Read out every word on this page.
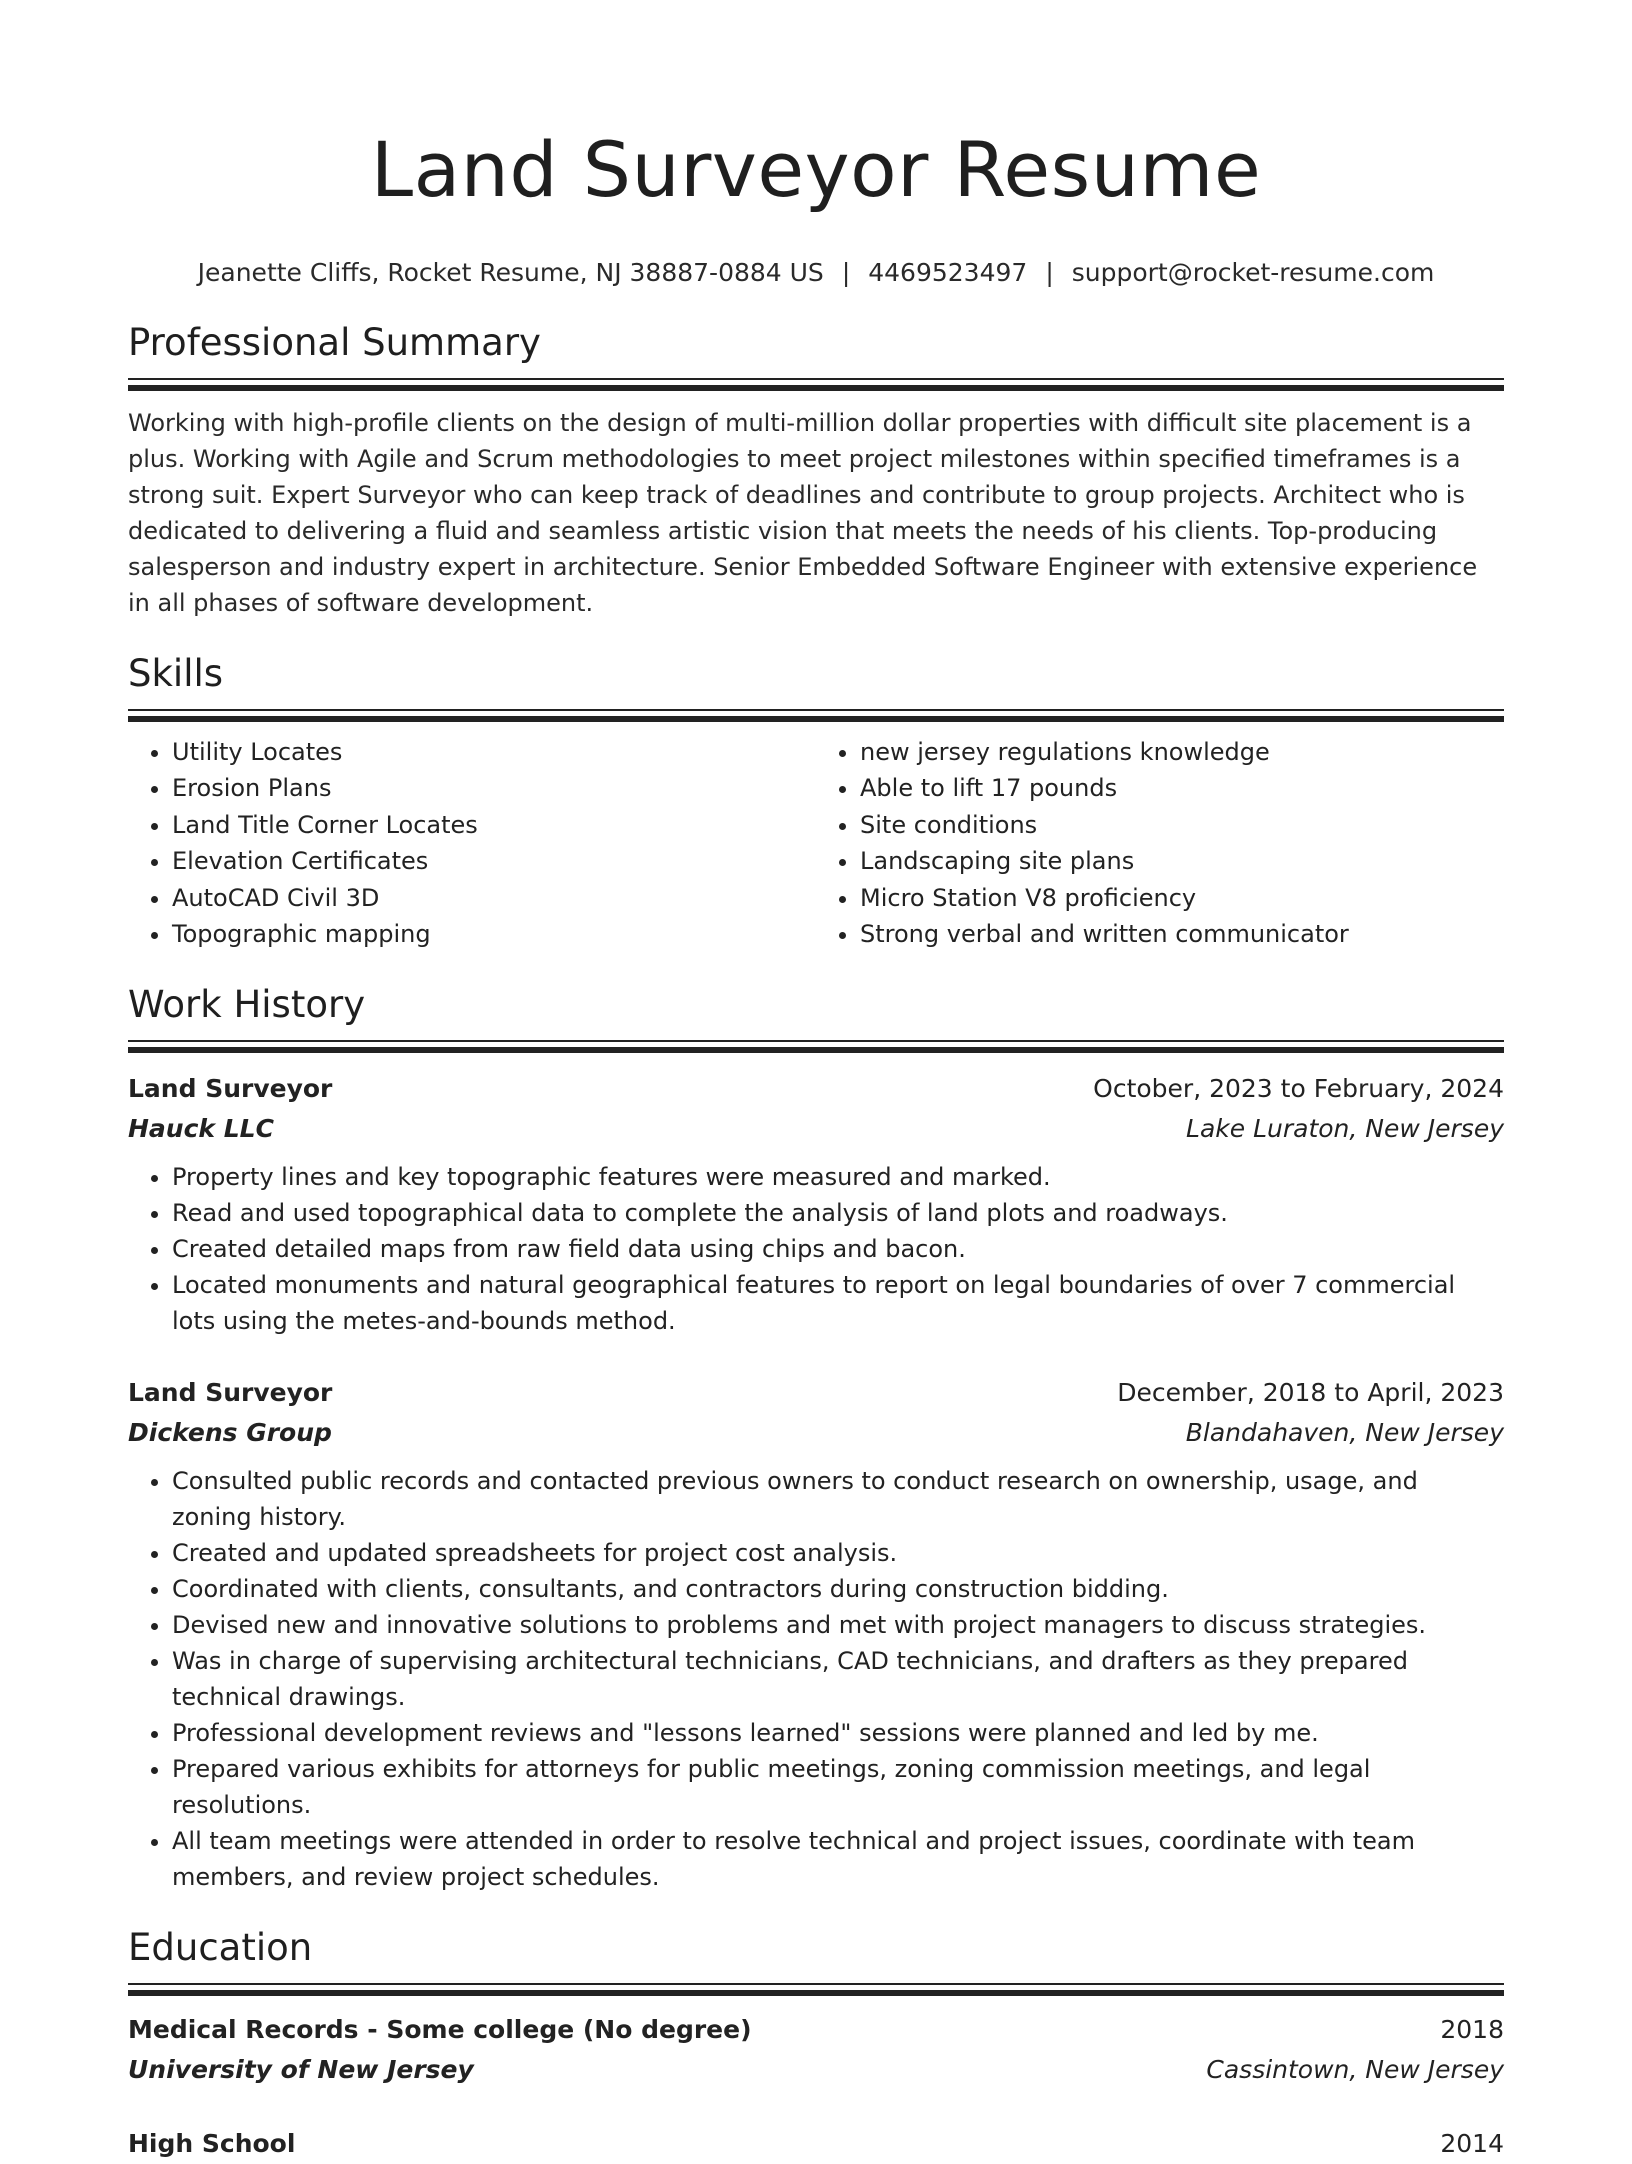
Land Surveyor Resume
Jeanette Cliffs, Rocket Resume, NJ 38887-0884 US | 4469523497 | support@rocket-resume.com
Professional Summary

Working with high-profile clients on the design of multi-million dollar properties with difficult site placement is a plus. Working with Agile and Scrum methodologies to meet project milestones within specified timeframes is a strong suit. Expert Surveyor who can keep track of deadlines and contribute to group projects. Architect who is dedicated to delivering a fluid and seamless artistic vision that meets the needs of his clients. Top-producing salesperson and industry expert in architecture. Senior Embedded Software Engineer with extensive experience in all phases of software development.

Skills
• Utility Locates
• Erosion Plans
• Land Title Corner Locates
• Elevation Certificates
• AutoCAD Civil 3D
• Topographic mapping
• new jersey regulations knowledge
• Able to lift 17 pounds
• Site conditions
• Landscaping site plans
• Micro Station V8 proficiency
• Strong verbal and written communicator
Work History
Land Surveyor	October, 2023 to February, 2024
Hauck LLC	Lake Luraton, New Jersey
• Property lines and key topographic features were measured and marked.
• Read and used topographical data to complete the analysis of land plots and roadways.
• Created detailed maps from raw field data using chips and bacon.
• Located monuments and natural geographical features to report on legal boundaries of over 7 commercial lots using the metes-and-bounds method.
Land Surveyor	December, 2018 to April, 2023
Dickens Group	Blandahaven, New Jersey
• Consulted public records and contacted previous owners to conduct research on ownership, usage, and zoning history.
• Created and updated spreadsheets for project cost analysis.
• Coordinated with clients, consultants, and contractors during construction bidding.
• Devised new and innovative solutions to problems and met with project managers to discuss strategies.
• Was in charge of supervising architectural technicians, CAD technicians, and drafters as they prepared technical drawings.
• Professional development reviews and "lessons learned" sessions were planned and led by me.
• Prepared various exhibits for attorneys for public meetings, zoning commission meetings, and legal resolutions.
• All team meetings were attended in order to resolve technical and project issues, coordinate with team members, and review project schedules.
Education
Medical Records - Some college (No degree)	2018
University of New Jersey	Cassintown, New Jersey
High School	2014
